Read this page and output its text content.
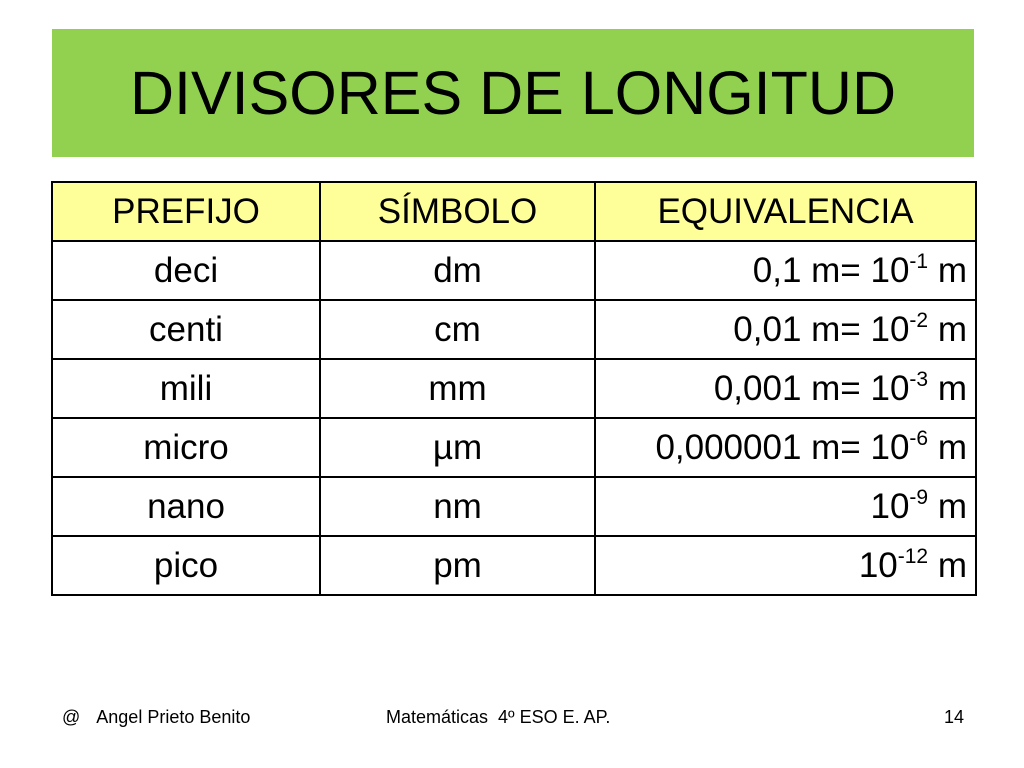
DIVISORES DE LONGITUD
PREFIJO	SÍMBOLO	EQUIVALENCIA
deci	dm	0,1 $m= 10^{-1}$ m
centi	cm	0,01 $m= 10^{-2}$ m
mili	mm	0,001 $m= 10^{-3}$ m
micro	µm	0,000001 $m= 10^{-6}$ m
nano	nm	$10^{-9}$ m
pico	pm	$10^{-12}$ m
@ Angel Prieto Benito	Matemáticas  4º ESO E. AP.	14
